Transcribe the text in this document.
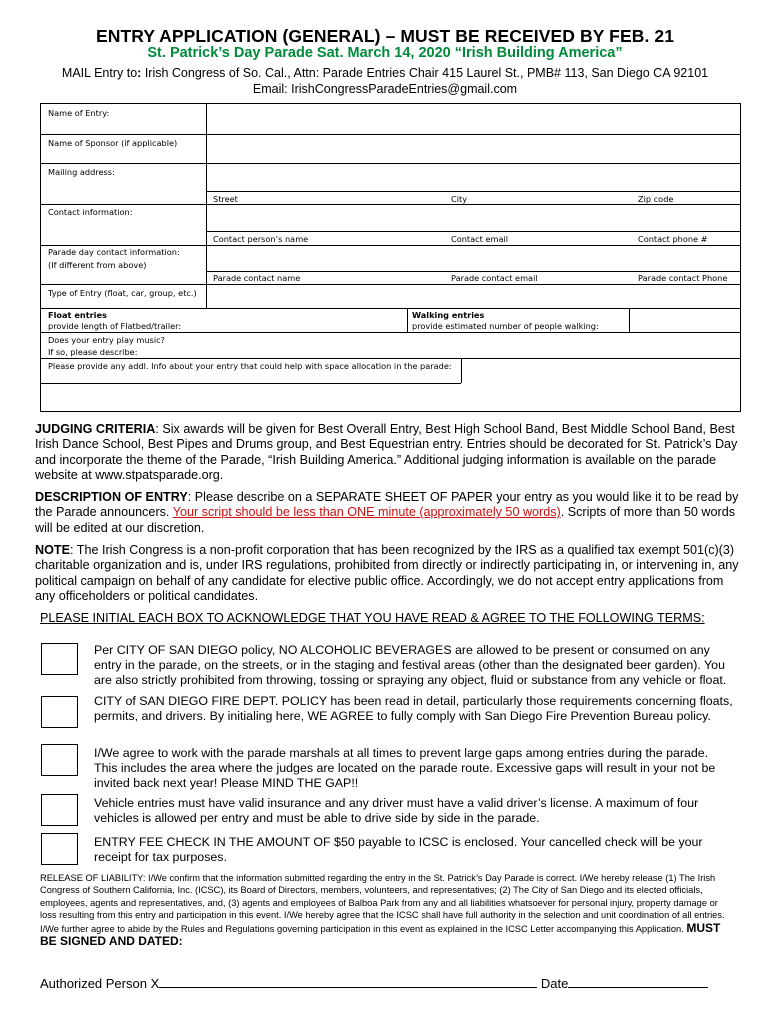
ENTRY APPLICATION (GENERAL) – MUST BE RECEIVED BY FEB. 21
St. Patrick’s Day Parade Sat. March 14, 2020 “Irish Building America”
MAIL Entry to: Irish Congress of So. Cal., Attn: Parade Entries Chair 415 Laurel St., PMB# 113, San Diego CA 92101
Email: IrishCongressParadeEntries@gmail.com
Name of Entry:
Name of Sponsor (if applicable)
Mailing address:
Street	City	Zip code
Contact information:
Contact person’s name	Contact email	Contact phone #
Parade day contact information:
(If different from above)
Parade contact name	Parade contact email	Parade contact Phone
Type of Entry (float, car, group, etc.)
Float entries
provide length of Flatbed/trailer:
Walking entries
provide estimated number of people walking:
Does your entry play music?
If so, please describe:
Please provide any addl. Info about your entry that could help with space allocation in the parade:
JUDGING CRITERIA: Six awards will be given for Best Overall Entry, Best High School Band, Best Middle School Band, Best Irish Dance School, Best Pipes and Drums group, and Best Equestrian entry. Entries should be decorated for St. Patrick’s Day and incorporate the theme of the Parade, “Irish Building America.” Additional judging information is available on the parade website at www.stpatsparade.org.
DESCRIPTION OF ENTRY: Please describe on a SEPARATE SHEET OF PAPER your entry as you would like it to be read by the Parade announcers. Your script should be less than ONE minute (approximately 50 words). Scripts of more than 50 words will be edited at our discretion.
NOTE: The Irish Congress is a non-profit corporation that has been recognized by the IRS as a qualified tax exempt 501(c)(3) charitable organization and is, under IRS regulations, prohibited from directly or indirectly participating in, or intervening in, any political campaign on behalf of any candidate for elective public office. Accordingly, we do not accept entry applications from any officeholders or political candidates.
PLEASE INITIAL EACH BOX TO ACKNOWLEDGE THAT YOU HAVE READ & AGREE TO THE FOLLOWING TERMS:
Per CITY OF SAN DIEGO policy, NO ALCOHOLIC BEVERAGES are allowed to be present or consumed on any entry in the parade, on the streets, or in the staging and festival areas (other than the designated beer garden). You are also strictly prohibited from throwing, tossing or spraying any object, fluid or substance from any vehicle or float.
CITY of SAN DIEGO FIRE DEPT. POLICY has been read in detail, particularly those requirements concerning floats, permits, and drivers. By initialing here, WE AGREE to fully comply with San Diego Fire Prevention Bureau policy.
I/We agree to work with the parade marshals at all times to prevent large gaps among entries during the parade. This includes the area where the judges are located on the parade route. Excessive gaps will result in your not be invited back next year! Please MIND THE GAP!!
Vehicle entries must have valid insurance and any driver must have a valid driver’s license. A maximum of four vehicles is allowed per entry and must be able to drive side by side in the parade.
ENTRY FEE CHECK IN THE AMOUNT OF $50 payable to ICSC is enclosed. Your cancelled check will be your receipt for tax purposes.
RELEASE OF LIABILITY: I/We confirm that the information submitted regarding the entry in the St. Patrick’s Day Parade is correct. I/We hereby release (1) The Irish Congress of Southern California, Inc. (ICSC), its Board of Directors, members, volunteers, and representatives; (2) The City of San Diego and its elected officials, employees, agents and representatives, and, (3) agents and employees of Balboa Park from any and all liabilities whatsoever for personal injury, property damage or loss resulting from this entry and participation in this event. I/We hereby agree that the ICSC shall have full authority in the selection and unit coordination of all entries. I/We further agree to abide by the Rules and Regulations governing participation in this event as explained in the ICSC Letter accompanying this Application. MUST BE SIGNED AND DATED:
Authorized Person X	Date
